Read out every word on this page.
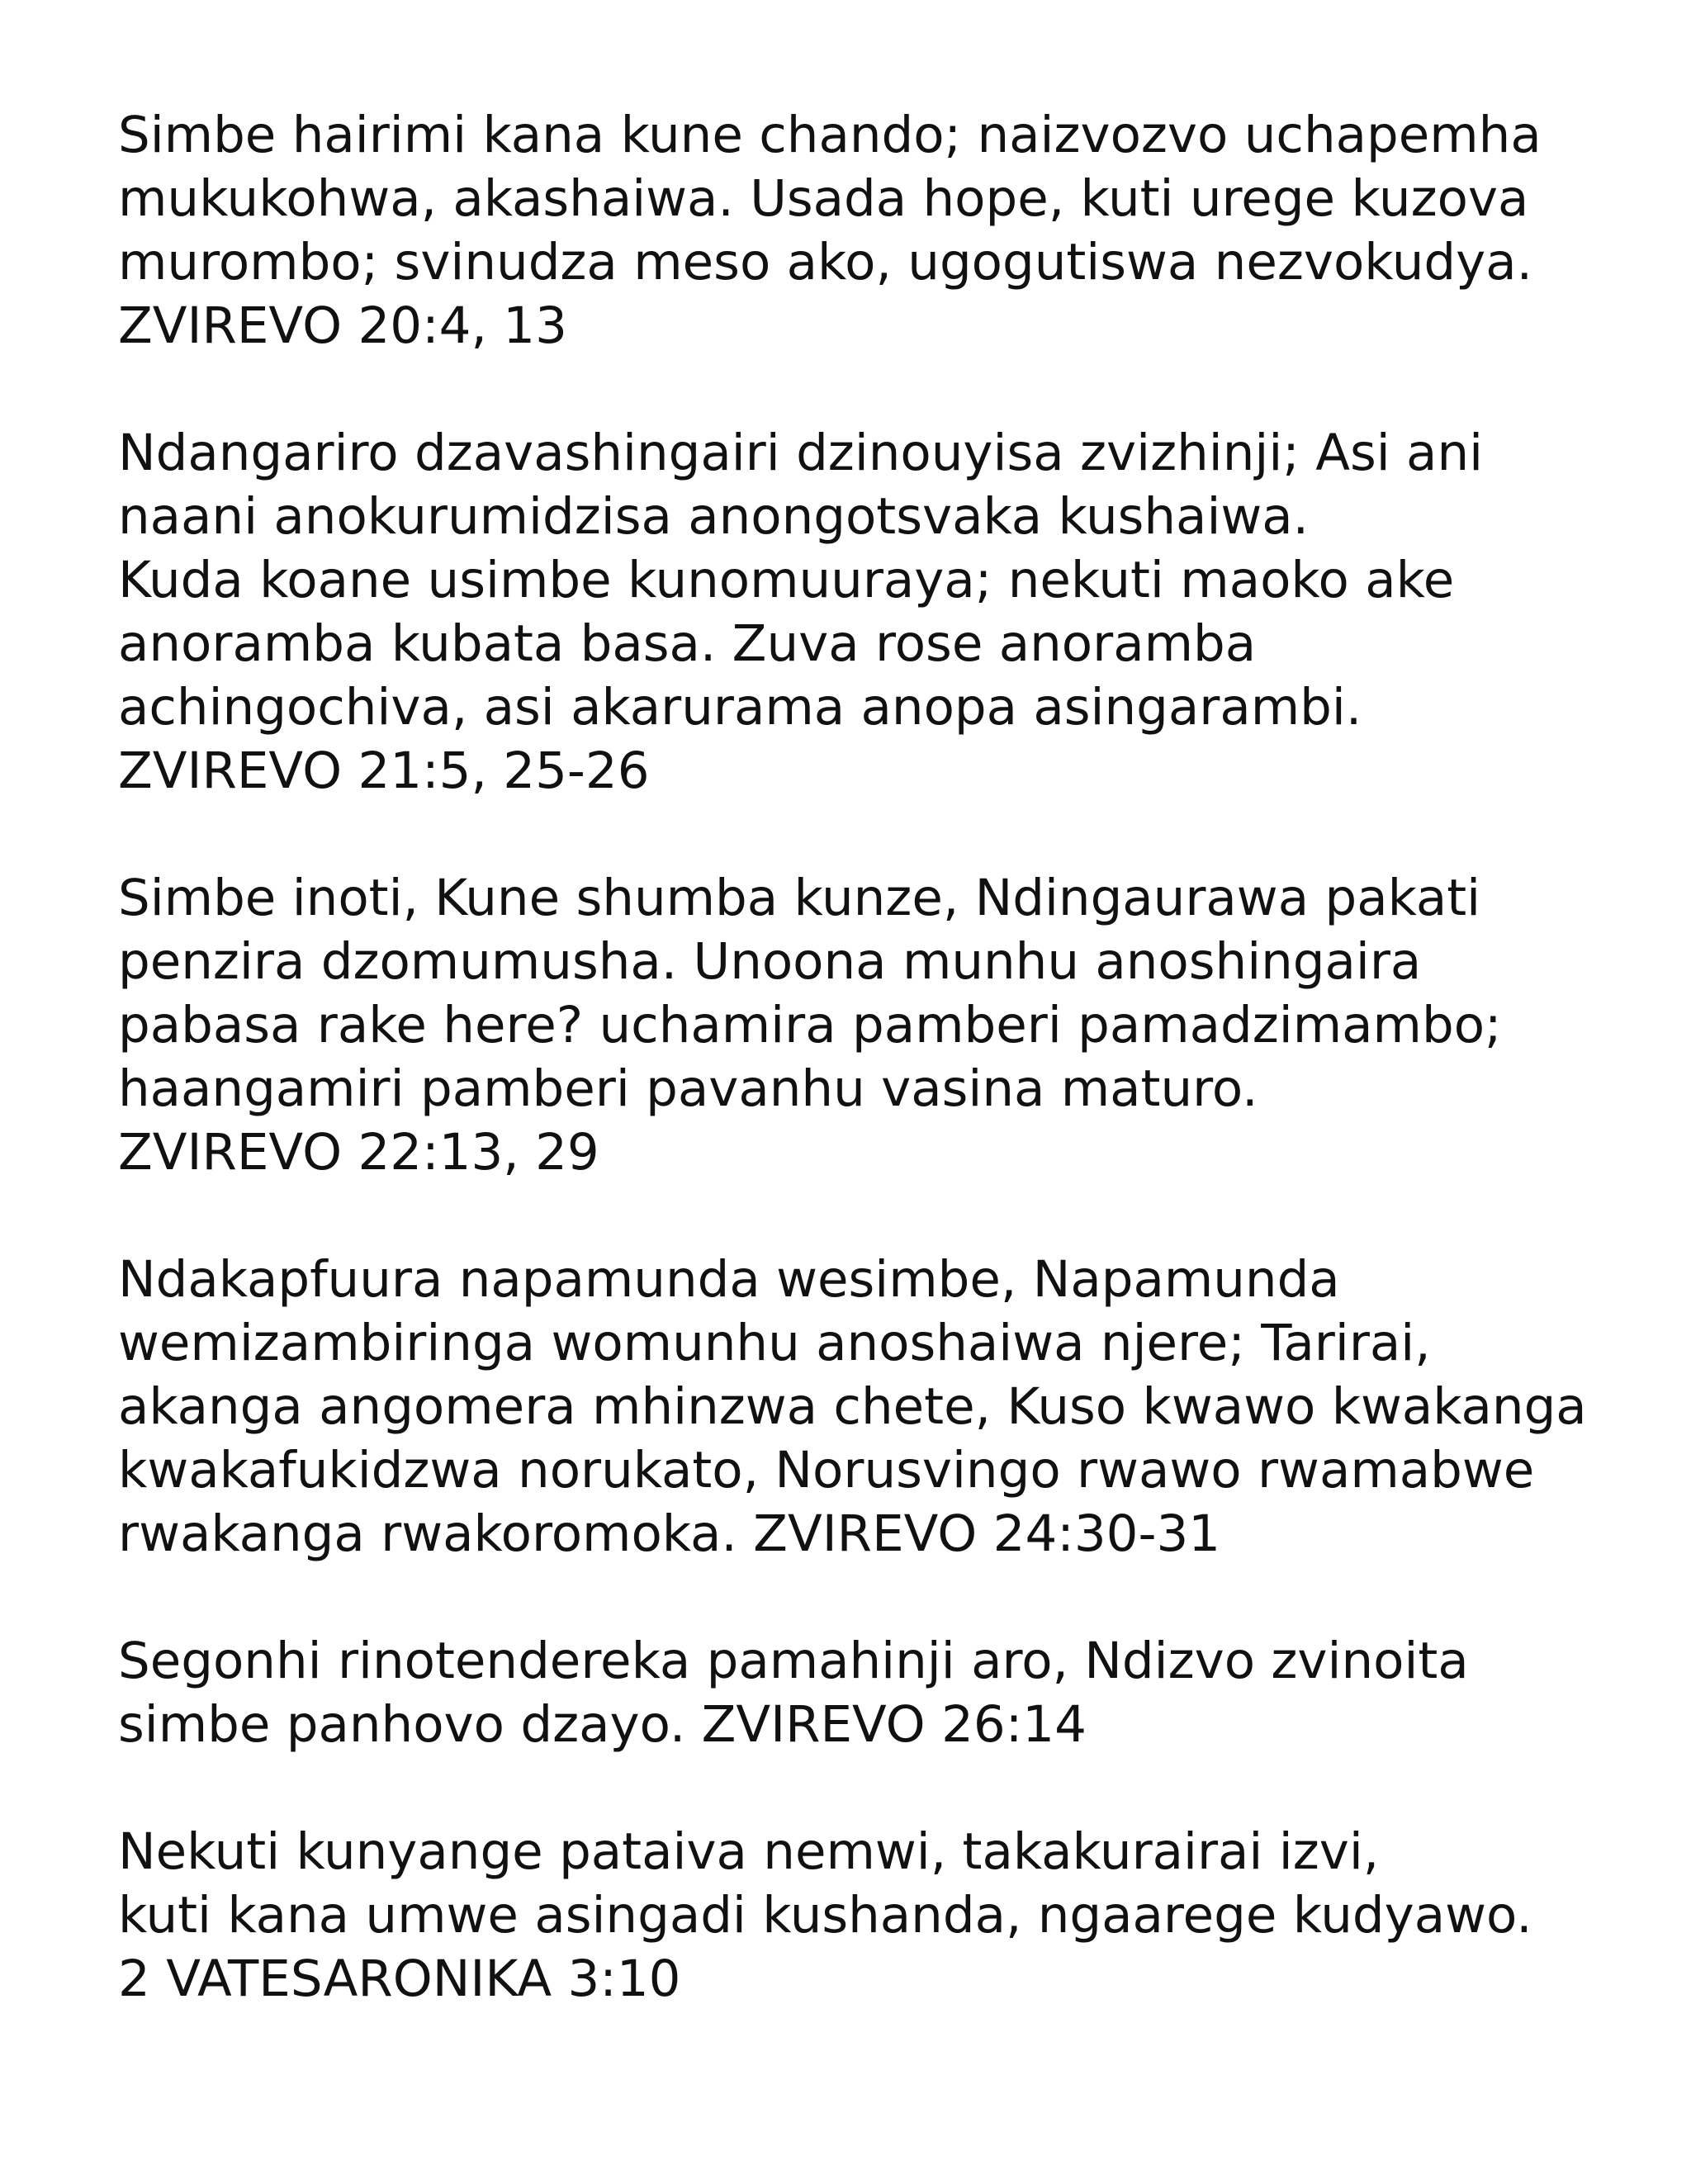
Simbe hairimi kana kune chando; naizvozvo uchapemha
mukukohwa, akashaiwa. Usada hope, kuti urege kuzova
murombo; svinudza meso ako, ugogutiswa nezvokudya.
ZVIREVO 20:4, 13
Ndangariro dzavashingairi dzinouyisa zvizhinji; Asi ani
naani anokurumidzisa anongotsvaka kushaiwa.
Kuda koane usimbe kunomuuraya; nekuti maoko ake
anoramba kubata basa. Zuva rose anoramba
achingochiva, asi akarurama anopa asingarambi.
ZVIREVO 21:5, 25-26
Simbe inoti, Kune shumba kunze, Ndingaurawa pakati
penzira dzomumusha. Unoona munhu anoshingaira
pabasa rake here? uchamira pamberi pamadzimambo;
haangamiri pamberi pavanhu vasina maturo.
ZVIREVO 22:13, 29
Ndakapfuura napamunda wesimbe, Napamunda
wemizambiringa womunhu anoshaiwa njere; Tarirai,
akanga angomera mhinzwa chete, Kuso kwawo kwakanga
kwakafukidzwa norukato, Norusvingo rwawo rwamabwe
rwakanga rwakoromoka. ZVIREVO 24:30-31
Segonhi rinotendereka pamahinji aro, Ndizvo zvinoita
simbe panhovo dzayo. ZVIREVO 26:14
Nekuti kunyange pataiva nemwi, takakurairai izvi,
kuti kana umwe asingadi kushanda, ngaarege kudyawo.
2 VATESARONIKA 3:10
